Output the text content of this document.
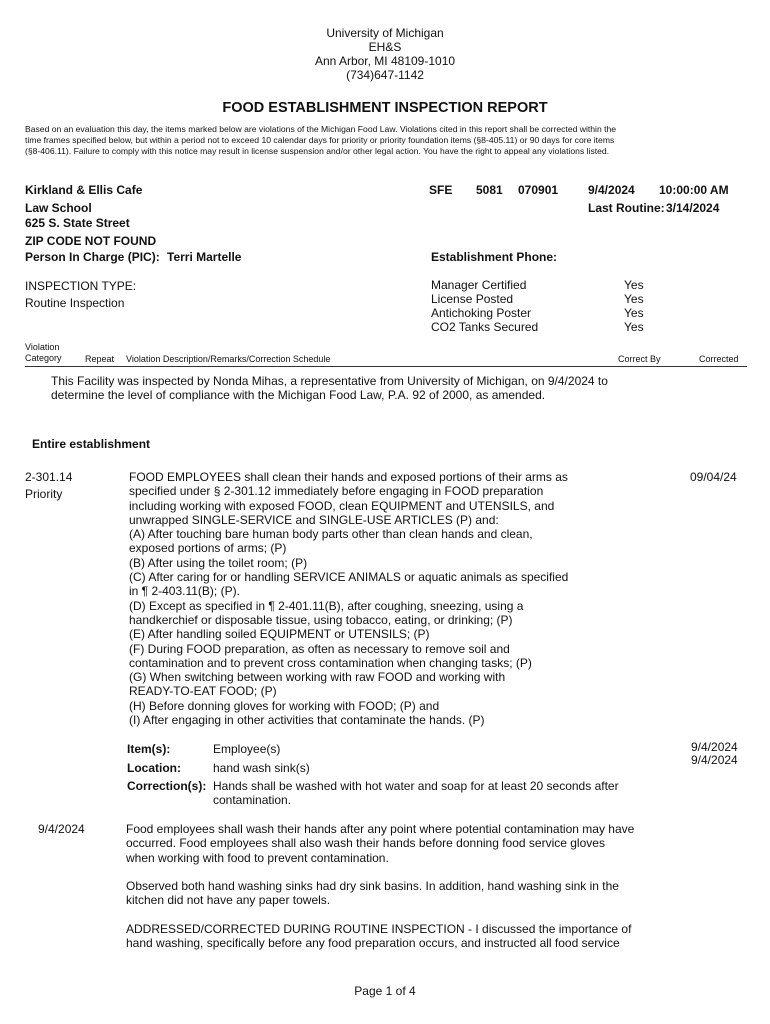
University of Michigan
EH&S
Ann Arbor, MI 48109-1010
(734)647-1142
FOOD ESTABLISHMENT INSPECTION REPORT
Based on an evaluation this day, the items marked below are violations of the Michigan Food Law. Violations cited in this report shall be corrected within the
time frames specified below, but within a period not to exceed 10 calendar days for priority or priority foundation items (§8-405.11) or 90 days for core items
(§8-406.11). Failure to comply with this notice may result in license suspension and/or other legal action. You have the right to appeal any violations listed.
Kirkland & Ellis Cafe
Law School
625 S. State Street
ZIP CODE NOT FOUND
Person In Charge (PIC): Terri Martelle
SFE 5081 070901 9/4/2024 10:00:00 AM
Last Routine: 3/14/2024
Establishment Phone:
INSPECTION TYPE:
Routine Inspection
Manager Certified	Yes
License Posted	Yes
Antichoking Poster	Yes
CO2 Tanks Secured	Yes
Violation
Category	Repeat Violation Description/Remarks/Correction Schedule	Correct By	Corrected
This Facility was inspected by Nonda Mihas, a representative from University of Michigan, on 9/4/2024 to
determine the level of compliance with the Michigan Food Law, P.A. 92 of 2000, as amended.
Entire establishment
2-301.14
Priority
09/04/24
FOOD EMPLOYEES shall clean their hands and exposed portions of their arms as
specified under § 2-301.12 immediately before engaging in FOOD preparation
including working with exposed FOOD, clean EQUIPMENT and UTENSILS, and
unwrapped SINGLE-SERVICE and SINGLE-USE ARTICLES (P) and:
(A) After touching bare human body parts other than clean hands and clean,
exposed portions of arms; (P)
(B) After using the toilet room; (P)
(C) After caring for or handling SERVICE ANIMALS or aquatic animals as specified
in ¶ 2-403.11(B); (P).
(D) Except as specified in ¶ 2-401.11(B), after coughing, sneezing, using a
handkerchief or disposable tissue, using tobacco, eating, or drinking; (P)
(E) After handling soiled EQUIPMENT or UTENSILS; (P)
(F) During FOOD preparation, as often as necessary to remove soil and
contamination and to prevent cross contamination when changing tasks; (P)
(G) When switching between working with raw FOOD and working with
READY-TO-EAT FOOD; (P)
(H) Before donning gloves for working with FOOD; (P) and
(I) After engaging in other activities that contaminate the hands. (P)
Item(s):	Employee(s)
Location:	hand wash sink(s)
Correction(s): Hands shall be washed with hot water and soap for at least 20 seconds after
contamination.
9/4/2024
9/4/2024
9/4/2024	Food employees shall wash their hands after any point where potential contamination may have
occurred. Food employees shall also wash their hands before donning food service gloves
when working with food to prevent contamination.
Observed both hand washing sinks had dry sink basins. In addition, hand washing sink in the
kitchen did not have any paper towels.
ADDRESSED/CORRECTED DURING ROUTINE INSPECTION - I discussed the importance of
hand washing, specifically before any food preparation occurs, and instructed all food service
Page 1 of 4
